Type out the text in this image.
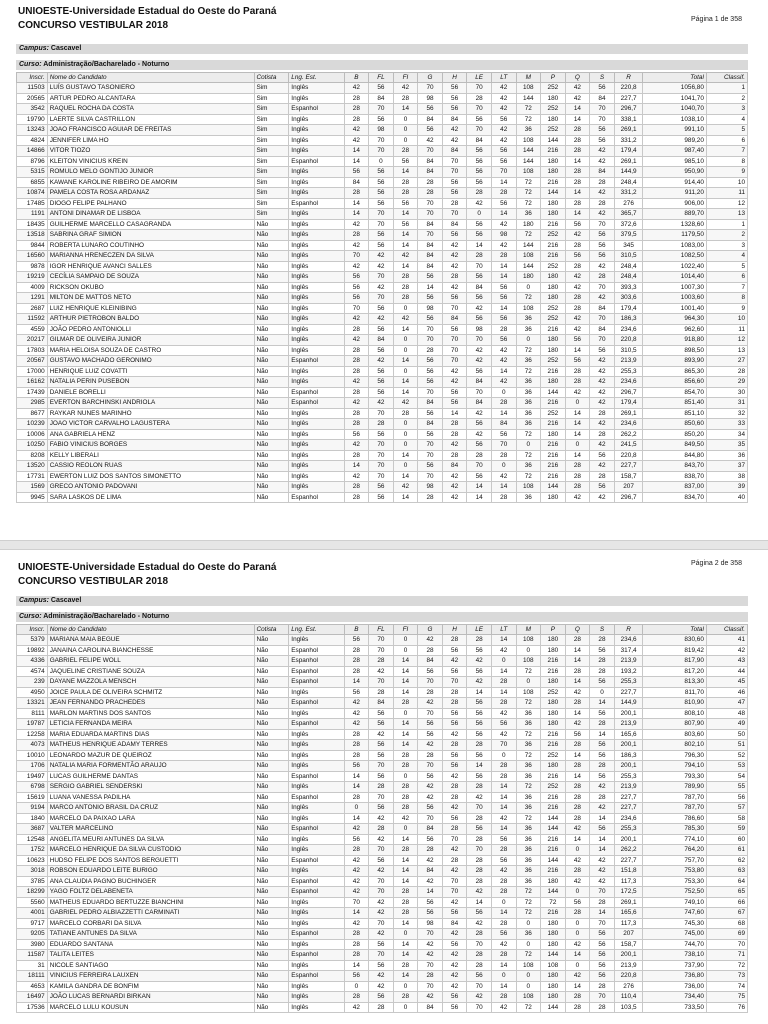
UNIOESTE-Universidade Estadual do Oeste do Paraná
CONCURSO VESTIBULAR 2018
Página 1 de 358
Campus: Cascavel
Curso: Administração/Bacharelado - Noturno
Inscr.	Nome do Candidato	Cotista	Lng. Est.	B	FL	FI	G	H	LE	LT	M	P	Q	S	R	Total	Classif.
11503	LUÍS GUSTAVO TASONIERO	Sim	Inglês	42	56	42	70	56	70	42	108	252	42	56	220,8	1056,80	1
20565	ARTUR PEDRO ALCANTARA	Sim	Inglês	28	84	28	98	56	28	42	144	180	42	84	227,7	1041,70	2
3542	RAQUEL ROCHA DA COSTA	Sim	Espanhol	28	70	14	56	56	70	42	72	252	14	70	296,7	1040,70	3
19790	LAERTE SILVA CASTRILLON	Sim	Inglês	28	56	0	84	84	56	56	72	180	14	70	338,1	1038,10	4
13243	JOAO FRANCISCO AGUIAR DE FREITAS	Sim	Inglês	42	98	0	56	42	70	42	36	252	28	56	269,1	991,10	5
4824	JENNIFER LIMA HO	Sim	Inglês	42	70	0	42	42	84	42	108	144	28	56	331,2	989,20	6
14866	VITOR TIOZO	Sim	Inglês	14	70	28	70	84	56	56	144	216	28	42	179,4	987,40	7
8796	KLEITON VINICIUS KREIN	Sim	Espanhol	14	0	56	84	70	56	56	144	180	14	42	269,1	985,10	8
5315	ROMULO MELO GONTIJO JUNIOR	Sim	Inglês	56	56	14	84	70	56	70	108	180	28	84	144,9	950,90	9
6855	KAWANE KAROLINE RIBEIRO DE AMORIM	Sim	Inglês	84	56	28	28	56	56	14	72	216	28	28	248,4	914,40	10
10874	PAMELA COSTA ROSA ARDANAZ	Sim	Inglês	28	56	28	28	56	28	28	72	144	14	42	331,2	911,20	11
17485	DIOGO FELIPE PALHANO	Sim	Espanhol	14	56	56	70	28	42	56	72	180	28	28	276	906,00	12
1191	ANTONI DINAMAR DE LISBOA	Sim	Inglês	14	70	14	70	70	0	14	36	180	14	42	365,7	889,70	13
18435	GUILHERME MARCELLO CASAGRANDA	Não	Inglês	42	70	56	84	84	56	42	180	216	56	70	372,6	1328,60	1
13518	SABRINA GRAF SIMION	Não	Inglês	28	56	14	70	56	56	98	72	252	42	56	379,5	1179,50	2
9844	ROBERTA LUNARO COUTINHO	Não	Inglês	42	56	14	84	42	14	42	144	216	28	56	345	1083,00	3
16560	MARIANNA HRENECZEN DA SILVA	Não	Inglês	70	42	42	84	42	28	28	108	216	56	56	310,5	1082,50	4
9878	IGOR HENRIQUE AVANCI SALLES	Não	Inglês	42	42	14	84	42	70	14	144	252	28	42	248,4	1022,40	5
19219	CECÍLIA SAMPAIO DE SOUZA	Não	Inglês	56	70	28	56	28	56	14	180	180	42	28	248,4	1014,40	6
4009	RICKSON OKUBO	Não	Inglês	56	42	28	14	42	84	56	0	180	42	70	393,3	1007,30	7
1291	MILTON DE MATTOS NETO	Não	Inglês	56	70	28	56	56	56	56	72	180	28	42	303,6	1003,60	8
2687	LUIZ HENRIQUE KLEINIBING	Não	Inglês	70	56	0	98	70	42	14	108	252	28	84	179,4	1001,40	9
11592	ARTHUR PIETROBON BALDO	Não	Inglês	42	42	42	56	84	56	56	36	252	42	70	186,3	964,30	10
4559	JOÃO PEDRO ANTONIOLLI	Não	Inglês	28	56	14	70	56	98	28	36	216	42	84	234,6	962,60	11
20217	GILMAR DE OLIVEIRA JUNIOR	Não	Inglês	42	84	0	70	70	70	56	0	180	56	70	220,8	918,80	12
17803	MARIA HELOISA SOUZA DE CASTRO	Não	Inglês	28	56	0	28	70	42	42	72	180	14	56	310,5	898,50	13
20567	GUSTAVO MACHADO GERONIMO	Não	Espanhol	28	42	14	56	70	42	42	36	252	56	42	213,9	893,90	27
17000	HENRIQUE LUIZ COVATTI	Não	Inglês	28	56	0	56	42	56	14	72	216	28	42	255,3	865,30	28
16162	NATALIA PERIN PUSEBON	Não	Inglês	42	56	14	56	42	84	42	36	180	28	42	234,6	856,60	29
17439	DANIELE BORELLI	Não	Espanhol	28	56	14	70	56	70	0	36	144	42	42	296,7	854,70	30
2985	EVERTON BARCHINSKI ANDRIOLA	Não	Espanhol	42	42	42	84	56	84	28	36	216	0	42	179,4	851,40	31
8677	RAYKAR NUNES MARINHO	Não	Inglês	28	70	28	56	14	42	14	36	252	14	28	269,1	851,10	32
10239	JOAO VICTOR CARVALHO LAGUSTERA	Não	Inglês	28	28	0	84	28	56	84	36	216	14	42	234,6	850,60	33
10006	ANA GABRIELA HENZ	Não	Inglês	56	56	0	56	28	42	56	72	180	14	28	262,2	850,20	34
10250	FABIO VINICIUS BORGES	Não	Inglês	42	70	0	70	42	56	70	0	216	0	42	241,5	849,50	35
8208	KELLY LIBERALI	Não	Inglês	28	70	14	70	28	28	28	72	216	14	56	220,8	844,80	36
13520	CASSIO REOLON RUAS	Não	Inglês	14	70	0	56	84	70	0	36	216	28	42	227,7	843,70	37
17731	EWERTON LUIZ DOS SANTOS SIMONETTO	Não	Inglês	42	70	14	70	42	56	42	72	216	28	28	158,7	838,70	38
1569	GRECO ANTONIO PADOVANI	Não	Inglês	28	56	42	98	42	14	14	108	144	28	56	207	837,00	39
9945	SARA LASKOS DE LIMA	Não	Espanhol	28	56	14	28	42	14	28	36	180	42	42	296,7	834,70	40
UNIOESTE-Universidade Estadual do Oeste do Paraná
CONCURSO VESTIBULAR 2018
Página 2 de 358
Campus: Cascavel
Curso: Administração/Bacharelado - Noturno
Inscr.	Nome do Candidato	Cotista	Lng. Est.	B	FL	FI	G	H	LE	LT	M	P	Q	S	R	Total	Classif.
5379	MARIANA MAIA BEGUE	Não	Inglês	56	70	0	42	28	28	14	108	180	28	28	234,6	830,60	41
19892	JANAINA CAROLINA BIANCHESSE	Não	Espanhol	28	70	0	28	56	56	42	0	180	14	56	317,4	819,42	42
4336	GABRIEL FELIPE WOLL	Não	Espanhol	28	28	14	84	42	42	0	108	216	14	28	213,9	817,90	43
4574	JAQUELINE CRISTIANE SOUZA	Não	Espanhol	28	42	14	56	56	56	14	72	216	28	28	193,2	817,20	44
239	DAYANE MAZZOLA MENSCH	Não	Espanhol	14	70	14	70	70	42	28	0	180	14	56	255,3	813,30	45
4950	JOICE PAULA DE OLIVEIRA SCHMITZ	Não	Inglês	56	28	14	28	28	14	14	108	252	42	0	227,7	811,70	46
13321	JEAN FERNANDO PRACHEDES	Não	Espanhol	42	84	28	42	28	56	28	72	180	28	14	144,9	810,90	47
8111	MARLON MARTINS DOS SANTOS	Não	Inglês	42	56	0	70	56	56	42	36	180	14	56	200,1	808,10	48
19787	LETICIA FERNANDA MEIRA	Não	Espanhol	42	56	14	56	56	56	56	36	180	42	28	213,9	807,90	49
12258	MARIA EDUARDA MARTINS DIAS	Não	Inglês	28	42	14	56	42	56	42	72	216	56	14	165,6	803,60	50
4073	MATHEUS HENRIQUE ADAMY TERRES	Não	Inglês	28	56	14	42	28	28	70	36	216	28	56	200,1	802,10	51
10010	LEONARDO MAZUR DE QUEIROZ	Não	Inglês	28	56	28	28	56	56	0	72	252	14	56	186,3	796,30	52
1706	NATALIA MARIA FORMENTÃO ARAUJO	Não	Inglês	56	70	28	70	56	14	28	36	180	28	28	200,1	794,10	53
19497	LUCAS GUILHERME DANTAS	Não	Espanhol	14	56	0	56	42	56	28	36	216	14	56	255,3	793,30	54
6798	SERGIO GABRIEL SENDERSKI	Não	Inglês	14	28	28	42	28	28	14	72	252	28	42	213,9	789,90	55
15619	LUANA VANESSA PADILHA	Não	Espanhol	28	70	28	42	28	42	14	36	216	28	28	227,7	787,70	56
9194	MARCO ANTONIO BRASIL DA CRUZ	Não	Inglês	0	56	28	56	42	70	14	36	216	28	42	227,7	787,70	57
1840	MARCELO DA PAIXAO LARA	Não	Inglês	14	42	42	70	56	28	42	72	144	28	14	234,6	786,60	58
3687	VALTER MARCELINO	Não	Espanhol	42	28	0	84	28	56	14	36	144	42	56	255,3	785,30	59
12548	ANGELITA MEURI ANTUNES DA SILVA	Não	Inglês	56	42	14	56	70	28	56	36	216	14	14	200,1	774,10	60
1752	MARCELO HENRIQUE DA SILVA CUSTODIO	Não	Inglês	28	70	28	28	42	70	28	36	216	0	14	262,2	764,20	61
10623	HUDSO FELIPE DOS SANTOS BERGUETTI	Não	Espanhol	42	56	14	42	28	28	56	36	144	42	42	227,7	757,70	62
3018	ROBSON EDUARDO LEITE BURIGO	Não	Inglês	42	42	14	84	42	28	42	36	216	28	42	151,8	753,80	63
3785	ANA CLAUDIA PAGNO BUCHINGER	Não	Espanhol	42	70	14	42	70	28	28	36	180	42	42	117,3	753,30	64
18299	YAGO FOLTZ DELABENETA	Não	Espanhol	42	70	28	14	70	42	28	72	144	0	70	172,5	752,50	65
5560	MATHEUS EDUARDO BERTUZZE BIANCHINI	Não	Inglês	70	42	28	56	42	14	0	72	72	56	28	269,1	749,10	66
4001	GABRIEL PEDRO ALBIAZZETTI CARMINATI	Não	Inglês	14	42	28	56	56	56	14	72	216	28	14	165,6	747,60	67
9717	MARCELO CORBARI DA SILVA	Não	Inglês	42	70	14	98	84	42	28	0	180	0	70	117,3	745,30	68
9205	TATIANE ANTUNES DA SILVA	Não	Espanhol	28	42	0	70	42	28	56	36	180	0	56	207	745,00	69
3980	EDUARDO SANTANA	Não	Inglês	28	56	14	42	56	70	42	0	180	42	56	158,7	744,70	70
11587	TALITA LEITES	Não	Espanhol	28	70	14	42	42	28	28	72	144	14	56	200,1	738,10	71
31	NICOLE SANTIAGO	Não	Inglês	14	56	28	70	42	28	14	108	108	0	56	213,9	737,90	72
18111	VINICIUS FERREIRA LAUXEN	Não	Espanhol	56	42	14	28	42	56	0	0	180	42	56	220,8	736,80	73
4653	KAMILA GANDRA DE BONFIM	Não	Inglês	0	42	0	70	42	70	14	0	180	14	28	276	736,00	74
16497	JOÃO LUCAS BERNARDI BIRKAN	Não	Inglês	28	56	28	42	56	42	28	108	180	28	70	110,4	734,40	75
17536	MARCELO LULU KOUSUN	Não	Inglês	42	28	0	84	56	70	42	72	144	28	28	103,5	733,50	76
